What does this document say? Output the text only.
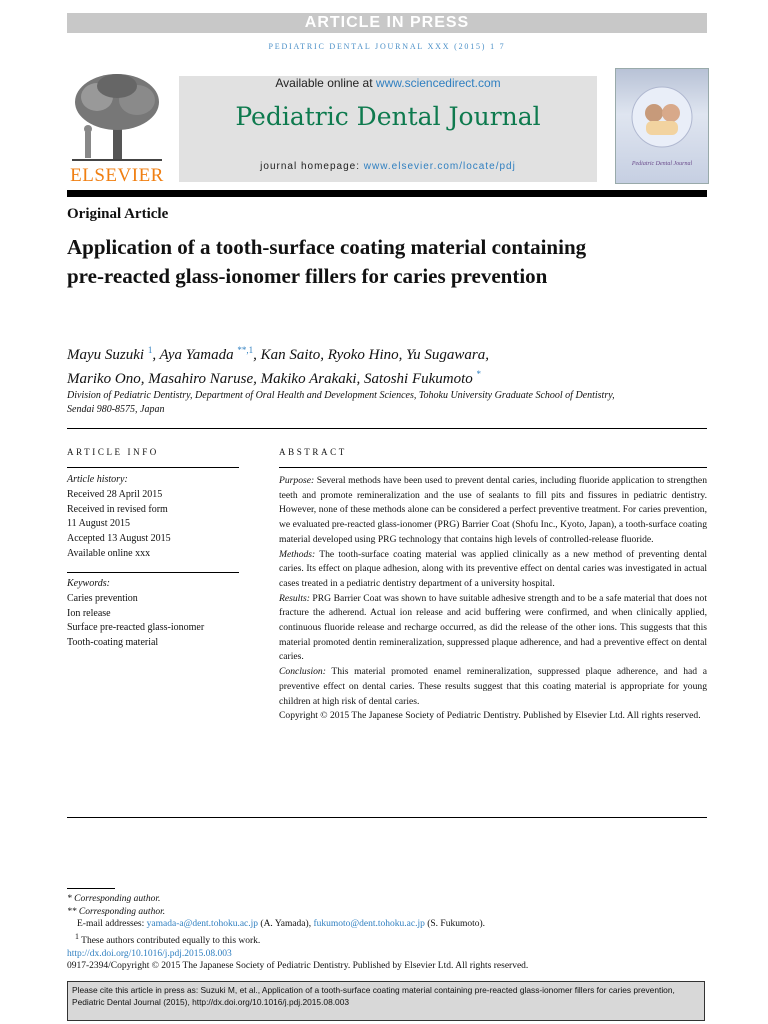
ARTICLE IN PRESS
PEDIATRIC DENTAL JOURNAL XXX (2015) 1 7
ELSEVIER
Available online at www.sciencedirect.com
Pediatric Dental Journal
journal homepage: www.elsevier.com/locate/pdj	Pediatric Dental Journal
Original Article
Application of a tooth-surface coating material containing pre-reacted glass-ionomer fillers for caries prevention
Mayu Suzuki $^1$, Aya Yamada $^{**,1}$, Kan Saito, Ryoko Hino, Yu Sugawara,
Mariko Ono, Masahiro Naruse, Makiko Arakaki, Satoshi Fukumoto *
Division of Pediatric Dentistry, Department of Oral Health and Development Sciences, Tohoku University Graduate School of Dentistry, Sendai 980-8575, Japan
ARTICLE INFO
Article history:
Received 28 April 2015
Received in revised form
11 August 2015
Accepted 13 August 2015
Available online xxx
Keywords:
Caries prevention
Ion release
Surface pre-reacted glass-ionomer
Tooth-coating material
ABSTRACT

Purpose: Several methods have been used to prevent dental caries, including fluoride application to strengthen teeth and promote remineralization and the use of sealants to fill pits and fissures in pediatric dentistry. However, none of these methods alone can be considered a perfect preventive treatment. For caries prevention, we evaluated pre-reacted glass-ionomer (PRG) Barrier Coat (Shofu Inc., Kyoto, Japan), a tooth-surface coating material developed using PRG technology that contains high levels of controlled-release fluoride.

Methods: The tooth-surface coating material was applied clinically as a new method of preventing dental caries. Its effect on plaque adhesion, along with its preventive effect on dental caries was investigated in actual cases treated in a pediatric dentistry department of a university hospital.

Results: PRG Barrier Coat was shown to have suitable adhesive strength and to be a safe material that does not fracture the adherend. Actual ion release and acid buffering were confirmed, and when clinically applied, continuous fluoride release and recharge occurred, as did the release of the other ions. This suggests that this material promoted dentin remineralization, suppressed plaque adherence, and had a preventive effect on dental caries.

Conclusion: This material promoted enamel remineralization, suppressed plaque adherence, and had a preventive effect on dental caries. These results suggest that this coating material is appropriate for young children at high risk of dental caries.

Copyright © 2015 The Japanese Society of Pediatric Dentistry. Published by Elsevier Ltd. All rights reserved.

* Corresponding author.
** Corresponding author.
E-mail addresses: yamada-a@dent.tohoku.ac.jp (A. Yamada), fukumoto@dent.tohoku.ac.jp (S. Fukumoto).
$^1$ These authors contributed equally to this work.
http://dx.doi.org/10.1016/j.pdj.2015.08.003
0917-2394/Copyright © 2015 The Japanese Society of Pediatric Dentistry. Published by Elsevier Ltd. All rights reserved.
Please cite this article in press as: Suzuki M, et al., Application of a tooth-surface coating material containing pre-reacted glass-ionomer fillers for caries prevention, Pediatric Dental Journal (2015), http://dx.doi.org/10.1016/j.pdj.2015.08.003
